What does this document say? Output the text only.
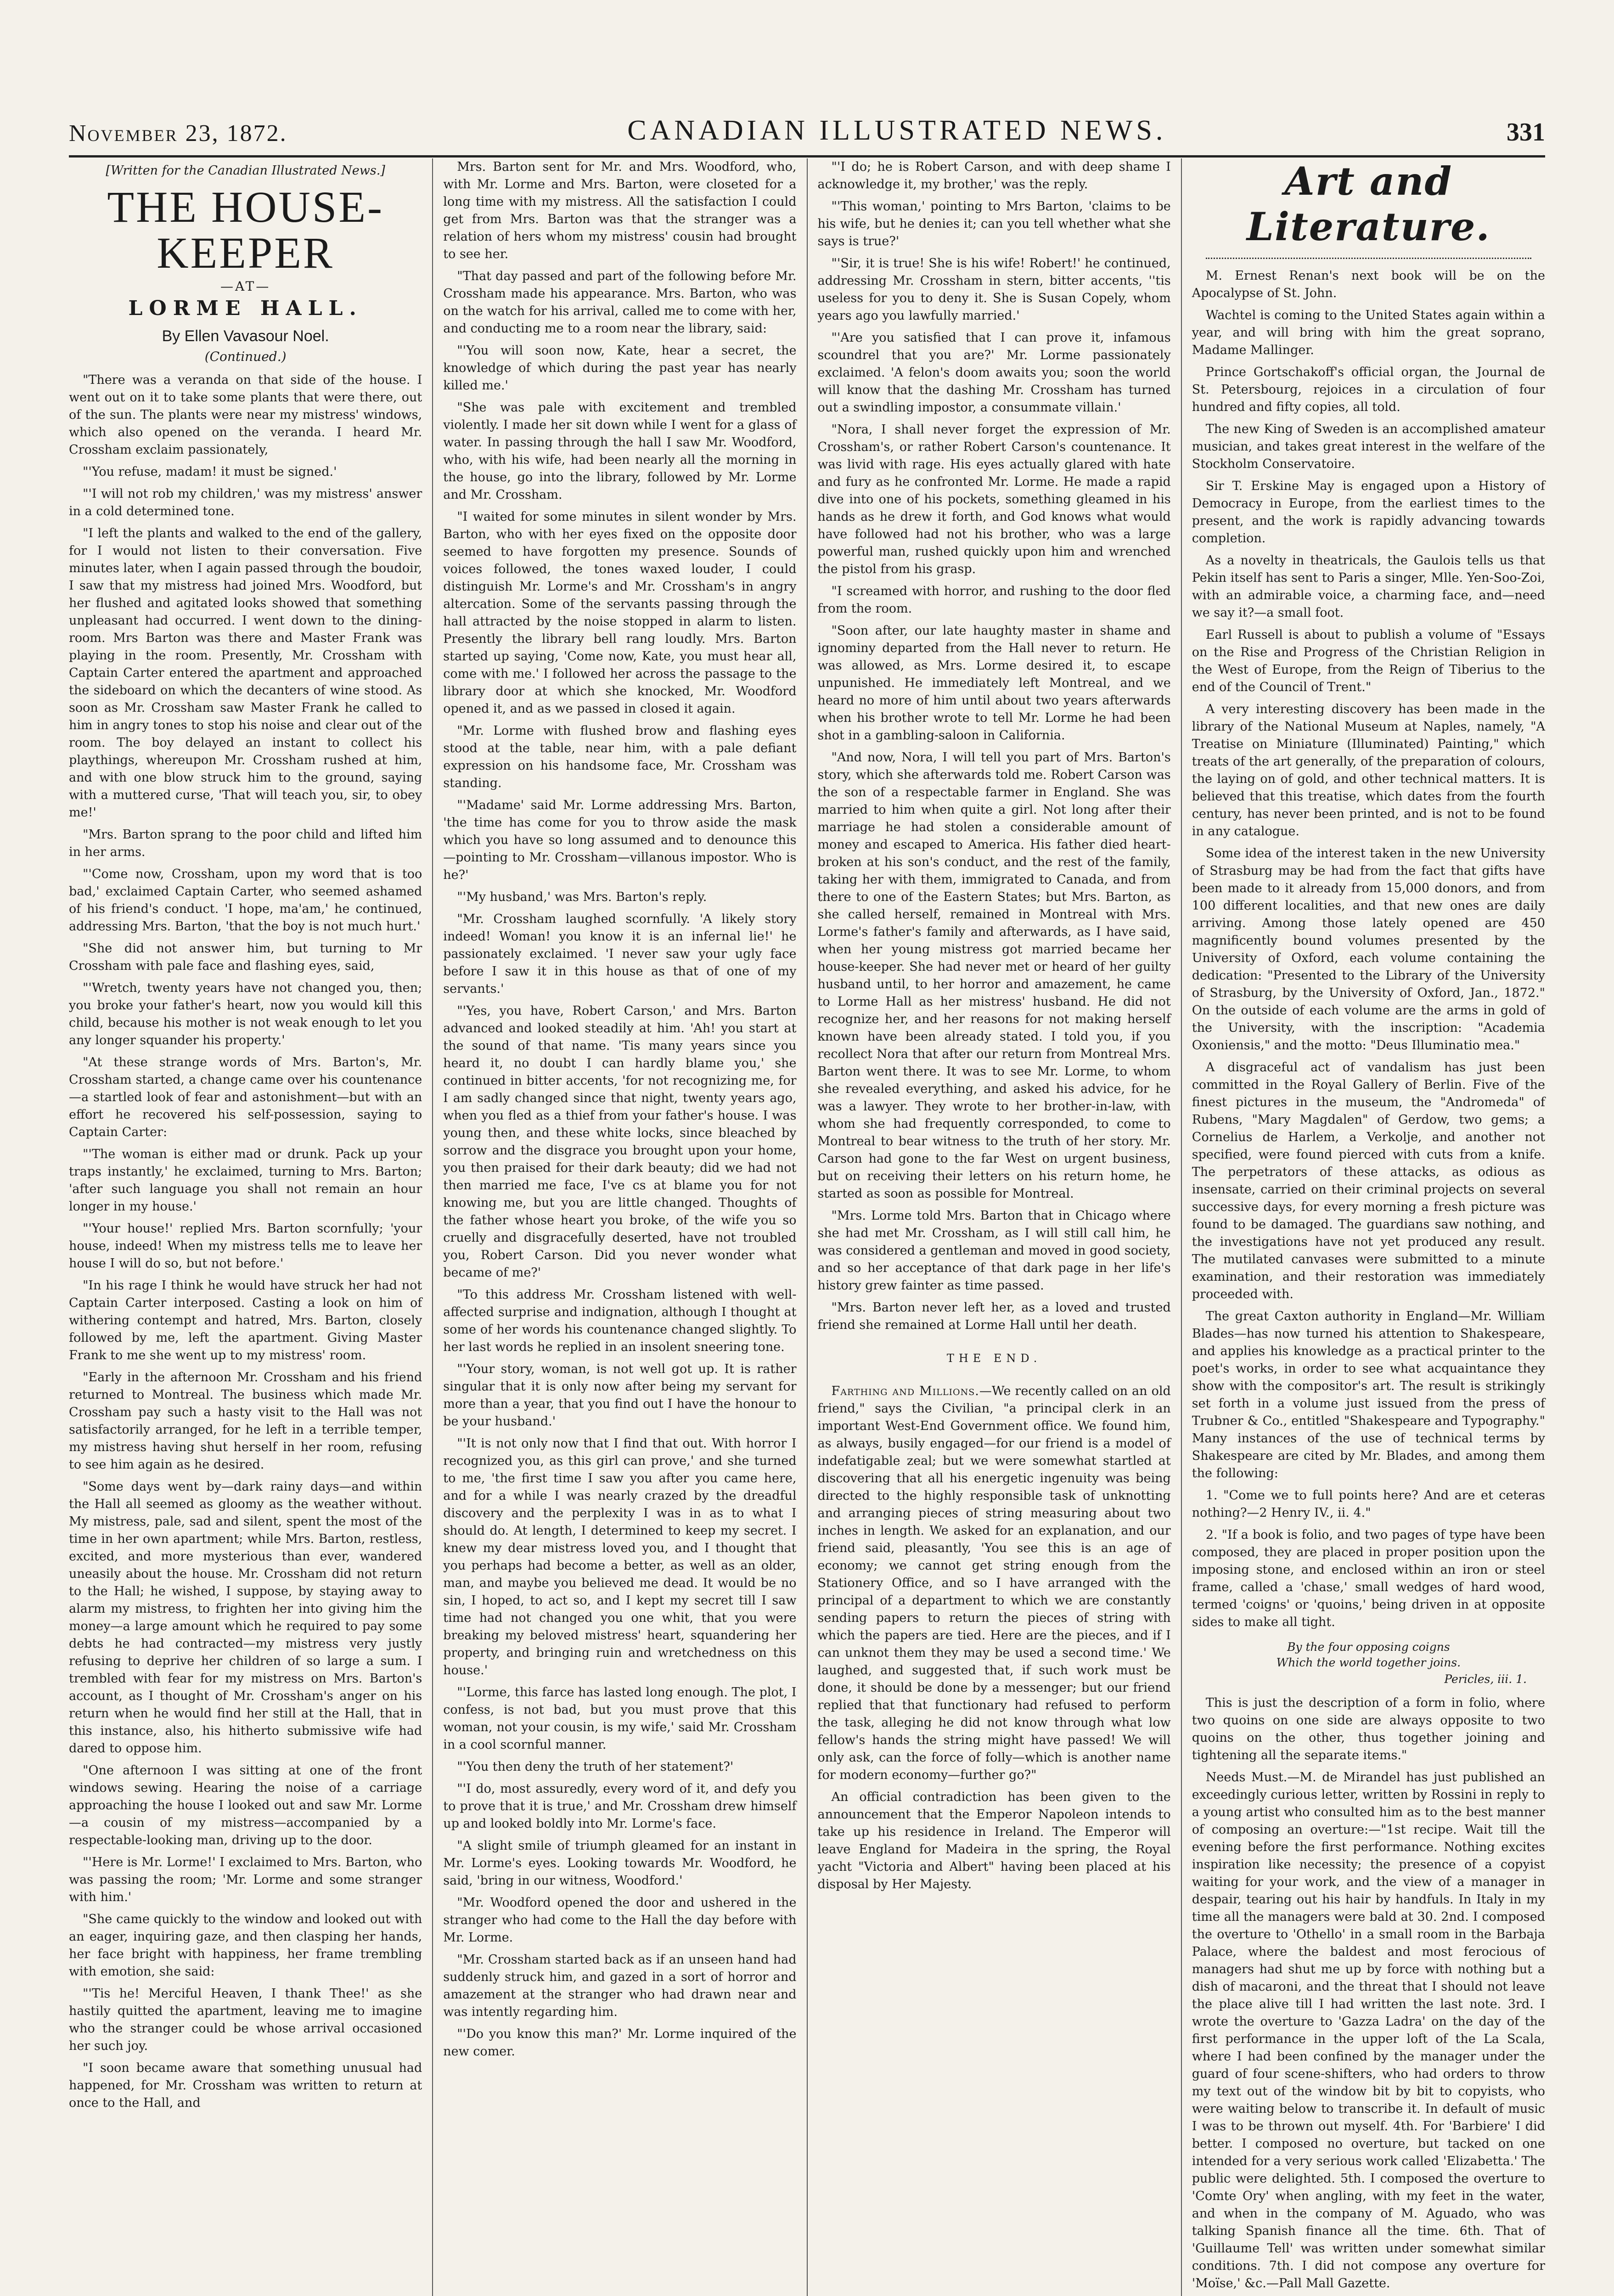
November 23, 1872.	CANADIAN ILLUSTRATED NEWS.	331

[Written for the Canadian Illustrated News.]

THE HOUSE-KEEPER
—AT—
LORME HALL.
By Ellen Vavasour Noel.
(Continued.)

"There was a veranda on that side of the house. I went out on it to take some plants that were there, out of the sun. The plants were near my mistress' windows, which also opened on the veranda. I heard Mr. Crossham exclaim passionately,

"'You refuse, madam! it must be signed.'

"'I will not rob my children,' was my mistress' answer in a cold determined tone.

"I left the plants and walked to the end of the gallery, for I would not listen to their conversation. Five minutes later, when I again passed through the boudoir, I saw that my mistress had joined Mrs. Woodford, but her flushed and agitated looks showed that something unpleasant had occurred. I went down to the dining-room. Mrs Barton was there and Master Frank was playing in the room. Presently, Mr. Crossham with Captain Carter entered the apartment and approached the sideboard on which the decanters of wine stood. As soon as Mr. Crossham saw Master Frank he called to him in angry tones to stop his noise and clear out of the room. The boy delayed an instant to collect his playthings, whereupon Mr. Crossham rushed at him, and with one blow struck him to the ground, saying with a muttered curse, 'That will teach you, sir, to obey me!'

"Mrs. Barton sprang to the poor child and lifted him in her arms.

"'Come now, Crossham, upon my word that is too bad,' exclaimed Captain Carter, who seemed ashamed of his friend's conduct. 'I hope, ma'am,' he continued, addressing Mrs. Barton, 'that the boy is not much hurt.'

"She did not answer him, but turning to Mr Crossham with pale face and flashing eyes, said,

"'Wretch, twenty years have not changed you, then; you broke your father's heart, now you would kill this child, because his mother is not weak enough to let you any longer squander his property.'

"At these strange words of Mrs. Barton's, Mr. Crossham started, a change came over his countenance—a startled look of fear and astonishment—but with an effort he recovered his self-possession, saying to Captain Carter:

"'The woman is either mad or drunk. Pack up your traps instantly,' he exclaimed, turning to Mrs. Barton; 'after such language you shall not remain an hour longer in my house.'

"'Your house!' replied Mrs. Barton scornfully; 'your house, indeed! When my mistress tells me to leave her house I will do so, but not before.'

"In his rage I think he would have struck her had not Captain Carter interposed. Casting a look on him of withering contempt and hatred, Mrs. Barton, closely followed by me, left the apartment. Giving Master Frank to me she went up to my mistress' room.

"Early in the afternoon Mr. Crossham and his friend returned to Montreal. The business which made Mr. Crossham pay such a hasty visit to the Hall was not satisfactorily arranged, for he left in a terrible temper, my mistress having shut herself in her room, refusing to see him again as he desired.

"Some days went by—dark rainy days—and within the Hall all seemed as gloomy as the weather without. My mistress, pale, sad and silent, spent the most of the time in her own apartment; while Mrs. Barton, restless, excited, and more mysterious than ever, wandered uneasily about the house. Mr. Crossham did not return to the Hall; he wished, I suppose, by staying away to alarm my mistress, to frighten her into giving him the money—a large amount which he required to pay some debts he had contracted—my mistress very justly refusing to deprive her children of so large a sum. I trembled with fear for my mistress on Mrs. Barton's account, as I thought of Mr. Crossham's anger on his return when he would find her still at the Hall, that in this instance, also, his hitherto submissive wife had dared to oppose him.

"One afternoon I was sitting at one of the front windows sewing. Hearing the noise of a carriage approaching the house I looked out and saw Mr. Lorme—a cousin of my mistress—accompanied by a respectable-looking man, driving up to the door.

"'Here is Mr. Lorme!' I exclaimed to Mrs. Barton, who was passing the room; 'Mr. Lorme and some stranger with him.'

"She came quickly to the window and looked out with an eager, inquiring gaze, and then clasping her hands, her face bright with happiness, her frame trembling with emotion, she said:

"'Tis he! Merciful Heaven, I thank Thee!' as she hastily quitted the apartment, leaving me to imagine who the stranger could be whose arrival occasioned her such joy.

"I soon became aware that something unusual had happened, for Mr. Crossham was written to return at once to the Hall, and

Mrs. Barton sent for Mr. and Mrs. Woodford, who, with Mr. Lorme and Mrs. Barton, were closeted for a long time with my mistress. All the satisfaction I could get from Mrs. Barton was that the stranger was a relation of hers whom my mistress' cousin had brought to see her.

"That day passed and part of the following before Mr. Crossham made his appearance. Mrs. Barton, who was on the watch for his arrival, called me to come with her, and conducting me to a room near the library, said:

"'You will soon now, Kate, hear a secret, the knowledge of which during the past year has nearly killed me.'

"She was pale with excitement and trembled violently. I made her sit down while I went for a glass of water. In passing through the hall I saw Mr. Woodford, who, with his wife, had been nearly all the morning in the house, go into the library, followed by Mr. Lorme and Mr. Crossham.

"I waited for some minutes in silent wonder by Mrs. Barton, who with her eyes fixed on the opposite door seemed to have forgotten my presence. Sounds of voices followed, the tones waxed louder, I could distinguish Mr. Lorme's and Mr. Crossham's in angry altercation. Some of the servants passing through the hall attracted by the noise stopped in alarm to listen. Presently the library bell rang loudly. Mrs. Barton started up saying, 'Come now, Kate, you must hear all, come with me.' I followed her across the passage to the library door at which she knocked, Mr. Woodford opened it, and as we passed in closed it again.

"Mr. Lorme with flushed brow and flashing eyes stood at the table, near him, with a pale defiant expression on his handsome face, Mr. Crossham was standing.

"'Madame' said Mr. Lorme addressing Mrs. Barton, 'the time has come for you to throw aside the mask which you have so long assumed and to denounce this—pointing to Mr. Crossham—villanous impostor. Who is he?'

"'My husband,' was Mrs. Barton's reply.

"Mr. Crossham laughed scornfully. 'A likely story indeed! Woman! you know it is an infernal lie!' he passionately exclaimed. 'I never saw your ugly face before I saw it in this house as that of one of my servants.'

"'Yes, you have, Robert Carson,' and Mrs. Barton advanced and looked steadily at him. 'Ah! you start at the sound of that name. 'Tis many years since you heard it, no doubt I can hardly blame you,' she continued in bitter accents, 'for not recognizing me, for I am sadly changed since that night, twenty years ago, when you fled as a thief from your father's house. I was young then, and these white locks, since bleached by sorrow and the disgrace you brought upon your home, you then praised for their dark beauty; did we had not then married me face, I've cs at blame you for not knowing me, but you are little changed. Thoughts of the father whose heart you broke, of the wife you so cruelly and disgracefully deserted, have not troubled you, Robert Carson. Did you never wonder what became of me?'

"To this address Mr. Crossham listened with well-affected surprise and indignation, although I thought at some of her words his countenance changed slightly. To her last words he replied in an insolent sneering tone.

"'Your story, woman, is not well got up. It is rather singular that it is only now after being my servant for more than a year, that you find out I have the honour to be your husband.'

"'It is not only now that I find that out. With horror I recognized you, as this girl can prove,' and she turned to me, 'the first time I saw you after you came here, and for a while I was nearly crazed by the dreadful discovery and the perplexity I was in as to what I should do. At length, I determined to keep my secret. I knew my dear mistress loved you, and I thought that you perhaps had become a better, as well as an older, man, and maybe you believed me dead. It would be no sin, I hoped, to act so, and I kept my secret till I saw time had not changed you one whit, that you were breaking my beloved mistress' heart, squandering her property, and bringing ruin and wretchedness on this house.'

"'Lorme, this farce has lasted long enough. The plot, I confess, is not bad, but you must prove that this woman, not your cousin, is my wife,' said Mr. Crossham in a cool scornful manner.

"'You then deny the truth of her statement?'

"'I do, most assuredly, every word of it, and defy you to prove that it is true,' and Mr. Crossham drew himself up and looked boldly into Mr. Lorme's face.

"A slight smile of triumph gleamed for an instant in Mr. Lorme's eyes. Looking towards Mr. Woodford, he said, 'bring in our witness, Woodford.'

"Mr. Woodford opened the door and ushered in the stranger who had come to the Hall the day before with Mr. Lorme.

"Mr. Crossham started back as if an unseen hand had suddenly struck him, and gazed in a sort of horror and amazement at the stranger who had drawn near and was intently regarding him.

"'Do you know this man?' Mr. Lorme inquired of the new comer.

"'I do; he is Robert Carson, and with deep shame I acknowledge it, my brother,' was the reply.

"'This woman,' pointing to Mrs Barton, 'claims to be his wife, but he denies it; can you tell whether what she says is true?'

"'Sir, it is true! She is his wife! Robert!' he continued, addressing Mr. Crossham in stern, bitter accents, ''tis useless for you to deny it. She is Susan Copely, whom years ago you lawfully married.'

"'Are you satisfied that I can prove it, infamous scoundrel that you are?' Mr. Lorme passionately exclaimed. 'A felon's doom awaits you; soon the world will know that the dashing Mr. Crossham has turned out a swindling impostor, a consummate villain.'

"Nora, I shall never forget the expression of Mr. Crossham's, or rather Robert Carson's countenance. It was livid with rage. His eyes actually glared with hate and fury as he confronted Mr. Lorme. He made a rapid dive into one of his pockets, something gleamed in his hands as he drew it forth, and God knows what would have followed had not his brother, who was a large powerful man, rushed quickly upon him and wrenched the pistol from his grasp.

"I screamed with horror, and rushing to the door fled from the room.

"Soon after, our late haughty master in shame and ignominy departed from the Hall never to return. He was allowed, as Mrs. Lorme desired it, to escape unpunished. He immediately left Montreal, and we heard no more of him until about two years afterwards when his brother wrote to tell Mr. Lorme he had been shot in a gambling-saloon in California.

"And now, Nora, I will tell you part of Mrs. Barton's story, which she afterwards told me. Robert Carson was the son of a respectable farmer in England. She was married to him when quite a girl. Not long after their marriage he had stolen a considerable amount of money and escaped to America. His father died heart-broken at his son's conduct, and the rest of the family, taking her with them, immigrated to Canada, and from there to one of the Eastern States; but Mrs. Barton, as she called herself, remained in Montreal with Mrs. Lorme's father's family and afterwards, as I have said, when her young mistress got married became her house-keeper. She had never met or heard of her guilty husband until, to her horror and amazement, he came to Lorme Hall as her mistress' husband. He did not recognize her, and her reasons for not making herself known have been already stated. I told you, if you recollect Nora that after our return from Montreal Mrs. Barton went there. It was to see Mr. Lorme, to whom she revealed everything, and asked his advice, for he was a lawyer. They wrote to her brother-in-law, with whom she had frequently corresponded, to come to Montreal to bear witness to the truth of her story. Mr. Carson had gone to the far West on urgent business, but on receiving their letters on his return home, he started as soon as possible for Montreal.

"Mrs. Lorme told Mrs. Barton that in Chicago where she had met Mr. Crossham, as I will still call him, he was considered a gentleman and moved in good society, and so her acceptance of that dark page in her life's history grew fainter as time passed.

"Mrs. Barton never left her, as a loved and trusted friend she remained at Lorme Hall until her death.

THE END.

Farthing and Millions.—We recently called on an old friend," says the Civilian, "a principal clerk in an important West-End Government office. We found him, as always, busily engaged—for our friend is a model of indefatigable zeal; but we were somewhat startled at discovering that all his energetic ingenuity was being directed to the highly responsible task of unknotting and arranging pieces of string measuring about two inches in length. We asked for an explanation, and our friend said, pleasantly, 'You see this is an age of economy; we cannot get string enough from the Stationery Office, and so I have arranged with the principal of a department to which we are constantly sending papers to return the pieces of string with which the papers are tied. Here are the pieces, and if I can unknot them they may be used a second time.' We laughed, and suggested that, if such work must be done, it should be done by a messenger; but our friend replied that that functionary had refused to perform the task, alleging he did not know through what low fellow's hands the string might have passed! We will only ask, can the force of folly—which is another name for modern economy—further go?"

An official contradiction has been given to the announcement that the Emperor Napoleon intends to take up his residence in Ireland. The Emperor will leave England for Madeira in the spring, the Royal yacht "Victoria and Albert" having been placed at his disposal by Her Majesty.

Art and Literature.

M. Ernest Renan's next book will be on the Apocalypse of St. John.

Wachtel is coming to the United States again within a year, and will bring with him the great soprano, Madame Mallinger.

Prince Gortschakoff's official organ, the Journal de St. Petersbourg, rejoices in a circulation of four hundred and fifty copies, all told.

The new King of Sweden is an accomplished amateur musician, and takes great interest in the welfare of the Stockholm Conservatoire.

Sir T. Erskine May is engaged upon a History of Democracy in Europe, from the earliest times to the present, and the work is rapidly advancing towards completion.

As a novelty in theatricals, the Gaulois tells us that Pekin itself has sent to Paris a singer, Mlle. Yen-Soo-Zoi, with an admirable voice, a charming face, and—need we say it?—a small foot.

Earl Russell is about to publish a volume of "Essays on the Rise and Progress of the Christian Religion in the West of Europe, from the Reign of Tiberius to the end of the Council of Trent."

A very interesting discovery has been made in the library of the National Museum at Naples, namely, "A Treatise on Miniature (Illuminated) Painting," which treats of the art generally, of the preparation of colours, the laying on of gold, and other technical matters. It is believed that this treatise, which dates from the fourth century, has never been printed, and is not to be found in any catalogue.

Some idea of the interest taken in the new University of Strasburg may be had from the fact that gifts have been made to it already from 15,000 donors, and from 100 different localities, and that new ones are daily arriving. Among those lately opened are 450 magnificently bound volumes presented by the University of Oxford, each volume containing the dedication: "Presented to the Library of the University of Strasburg, by the University of Oxford, Jan., 1872." On the outside of each volume are the arms in gold of the University, with the inscription: "Academia Oxoniensis," and the motto: "Deus Illuminatio mea."

A disgraceful act of vandalism has just been committed in the Royal Gallery of Berlin. Five of the finest pictures in the museum, the "Andromeda" of Rubens, "Mary Magdalen" of Gerdow, two gems; a Cornelius de Harlem, a Verkolje, and another not specified, were found pierced with cuts from a knife. The perpetrators of these attacks, as odious as insensate, carried on their criminal projects on several successive days, for every morning a fresh picture was found to be damaged. The guardians saw nothing, and the investigations have not yet produced any result. The mutilated canvases were submitted to a minute examination, and their restoration was immediately proceeded with.

The great Caxton authority in England—Mr. William Blades—has now turned his attention to Shakespeare, and applies his knowledge as a practical printer to the poet's works, in order to see what acquaintance they show with the compositor's art. The result is strikingly set forth in a volume just issued from the press of Trubner & Co., entitled "Shakespeare and Typography." Many instances of the use of technical terms by Shakespeare are cited by Mr. Blades, and among them the following:

1. "Come we to full points here? And are et ceteras nothing?—2 Henry IV., ii. 4."

2. "If a book is folio, and two pages of type have been composed, they are placed in proper position upon the imposing stone, and enclosed within an iron or steel frame, called a 'chase,' small wedges of hard wood, termed 'coigns' or 'quoins,' being driven in at opposite sides to make all tight.

By the four opposing coigns
Which the world together joins.

Pericles, iii. 1.

This is just the description of a form in folio, where two quoins on one side are always opposite to two quoins on the other, thus together joining and tightening all the separate items."

Needs Must.—M. de Mirandel has just published an exceedingly curious letter, written by Rossini in reply to a young artist who consulted him as to the best manner of composing an overture:—"1st recipe. Wait till the evening before the first performance. Nothing excites inspiration like necessity; the presence of a copyist waiting for your work, and the view of a manager in despair, tearing out his hair by handfuls. In Italy in my time all the managers were bald at 30. 2nd. I composed the overture to 'Othello' in a small room in the Barbaja Palace, where the baldest and most ferocious of managers had shut me up by force with nothing but a dish of macaroni, and the threat that I should not leave the place alive till I had written the last note. 3rd. I wrote the overture to 'Gazza Ladra' on the day of the first performance in the upper loft of the La Scala, where I had been confined by the manager under the guard of four scene-shifters, who had orders to throw my text out of the window bit by bit to copyists, who were waiting below to transcribe it. In default of music I was to be thrown out myself. 4th. For 'Barbiere' I did better. I composed no overture, but tacked on one intended for a very serious work called 'Elizabetta.' The public were delighted. 5th. I composed the overture to 'Comte Ory' when angling, with my feet in the water, and when in the company of M. Aguado, who was talking Spanish finance all the time. 6th. That of 'Guillaume Tell' was written under somewhat similar conditions. 7th. I did not compose any overture for 'Moïse,' &c.—Pall Mall Gazette.
